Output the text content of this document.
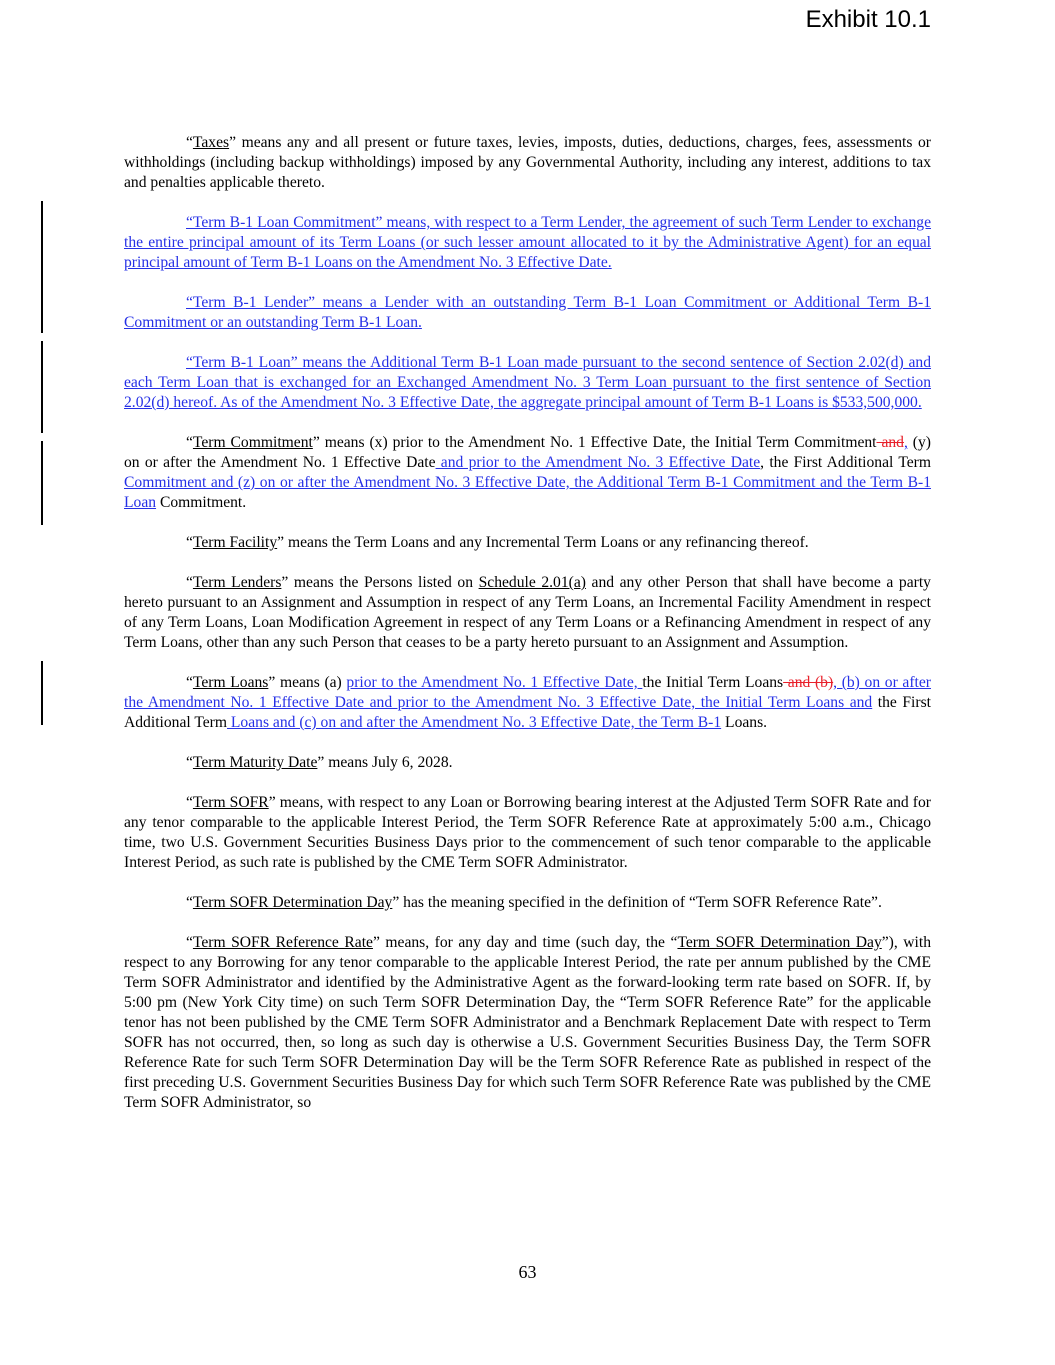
Exhibit 10.1

“Taxes” means any and all present or future taxes, levies, imposts, duties, deductions, charges, fees, assessments or withholdings (including backup withholdings) imposed by any Governmental Authority, including any interest, additions to tax and penalties applicable thereto.

“Term B-1 Loan Commitment” means, with respect to a Term Lender, the agreement of such Term Lender to exchange the entire principal amount of its Term Loans (or such lesser amount allocated to it by the Administrative Agent) for an equal principal amount of Term B-1 Loans on the Amendment No. 3 Effective Date.

“Term B-1 Lender” means a Lender with an outstanding Term B-1 Loan Commitment or Additional Term B-1 Commitment or an outstanding Term B-1 Loan.

“Term B-1 Loan” means the Additional Term B-1 Loan made pursuant to the second sentence of Section 2.02(d) and each Term Loan that is exchanged for an Exchanged Amendment No. 3 Term Loan pursuant to the first sentence of Section 2.02(d) hereof. As of the Amendment No. 3 Effective Date, the aggregate principal amount of Term B-1 Loans is $533,500,000.

“Term Commitment” means (x) prior to the Amendment No. 1 Effective Date, the Initial Term Commitment and, (y) on or after the Amendment No. 1 Effective Date and prior to the Amendment No. 3 Effective Date, the First Additional Term Commitment and (z) on or after the Amendment No. 3 Effective Date, the Additional Term B-1 Commitment and the Term B-1 Loan Commitment.

“Term Facility” means the Term Loans and any Incremental Term Loans or any refinancing thereof.

“Term Lenders” means the Persons listed on Schedule 2.01(a) and any other Person that shall have become a party hereto pursuant to an Assignment and Assumption in respect of any Term Loans, an Incremental Facility Amendment in respect of any Term Loans, Loan Modification Agreement in respect of any Term Loans or a Refinancing Amendment in respect of any Term Loans, other than any such Person that ceases to be a party hereto pursuant to an Assignment and Assumption.

“Term Loans” means (a) prior to the Amendment No. 1 Effective Date, the Initial Term Loans and (b), (b) on or after the Amendment No. 1 Effective Date and prior to the Amendment No. 3 Effective Date, the Initial Term Loans and the First Additional Term Loans and (c) on and after the Amendment No. 3 Effective Date, the Term B-1 Loans.

“Term Maturity Date” means July 6, 2028.

“Term SOFR” means, with respect to any Loan or Borrowing bearing interest at the Adjusted Term SOFR Rate and for any tenor comparable to the applicable Interest Period, the Term SOFR Reference Rate at approximately 5:00 a.m., Chicago time, two U.S. Government Securities Business Days prior to the commencement of such tenor comparable to the applicable Interest Period, as such rate is published by the CME Term SOFR Administrator.

“Term SOFR Determination Day” has the meaning specified in the definition of “Term SOFR Reference Rate”.

“Term SOFR Reference Rate” means, for any day and time (such day, the “Term SOFR Determination Day”), with respect to any Borrowing for any tenor comparable to the applicable Interest Period, the rate per annum published by the CME Term SOFR Administrator and identified by the Administrative Agent as the forward-looking term rate based on SOFR. If, by 5:00 pm (New York City time) on such Term SOFR Determination Day, the “Term SOFR Reference Rate” for the applicable tenor has not been published by the CME Term SOFR Administrator and a Benchmark Replacement Date with respect to Term SOFR has not occurred, then, so long as such day is otherwise a U.S. Government Securities Business Day, the Term SOFR Reference Rate for such Term SOFR Determination Day will be the Term SOFR Reference Rate as published in respect of the first preceding U.S. Government Securities Business Day for which such Term SOFR Reference Rate was published by the CME Term SOFR Administrator, so

63
